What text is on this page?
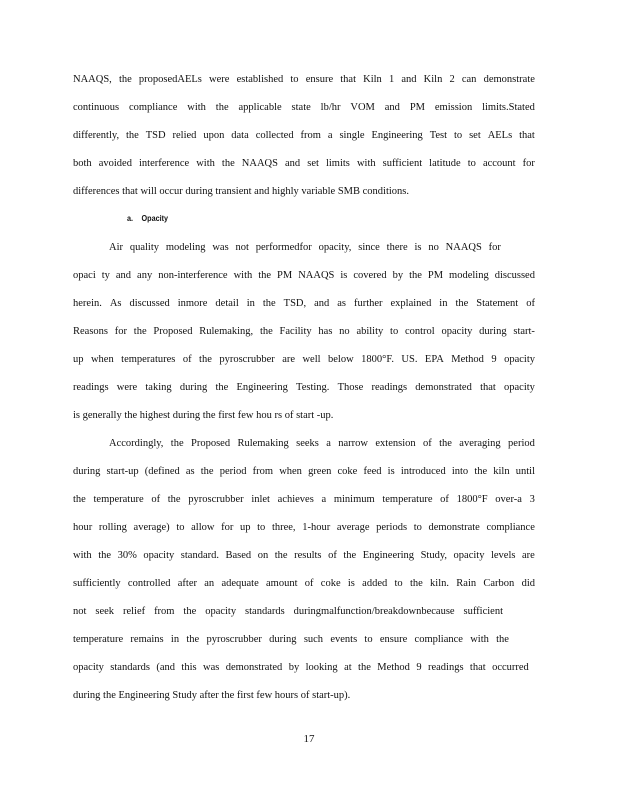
NAAQS, the proposedAELs were established to ensure that Kiln 1 and Kiln 2 can demonstrate
continuous compliance with the applicable state lb/hr VOM and PM emission limits.Stated
differently, the TSD relied upon data collected from a single Engineering Test to set AELs that
both avoided interference with the NAAQS and set limits with sufficient latitude to account for
differences that will occur during transient and highly variable SMB conditions.
a. Opacity
Air quality modeling was not performedfor opacity, since there is no NAAQS for
opaci ty and any non-interference with the PM NAAQS is covered by the PM modeling discussed
herein. As discussed inmore detail in the TSD, and as further explained in the Statement of
Reasons for the Proposed Rulemaking, the Facility has no ability to control opacity during start-
up when temperatures of the pyroscrubber are well below 1800°F. US. EPA Method 9 opacity
readings were taking during the Engineering Testing. Those readings demonstrated that opacity
is generally the highest during the first few hou rs of start -up.
Accordingly, the Proposed Rulemaking seeks a narrow extension of the averaging period
during start-up (defined as the period from when green coke feed is introduced into the kiln until
the temperature of the pyroscrubber inlet achieves a minimum temperature of 1800°F over-a 3
hour rolling average) to allow for up to three, 1-hour average periods to demonstrate compliance
with the 30% opacity standard. Based on the results of the Engineering Study, opacity levels are
sufficiently controlled after an adequate amount of coke is added to the kiln. Rain Carbon did
not seek relief from the opacity standards duringmalfunction/breakdownbecause sufficient
temperature remains in the pyroscrubber during such events to ensure compliance with the
opacity standards (and this was demonstrated by looking at the Method 9 readings that occurred
during the Engineering Study after the first few hours of start-up).
17
